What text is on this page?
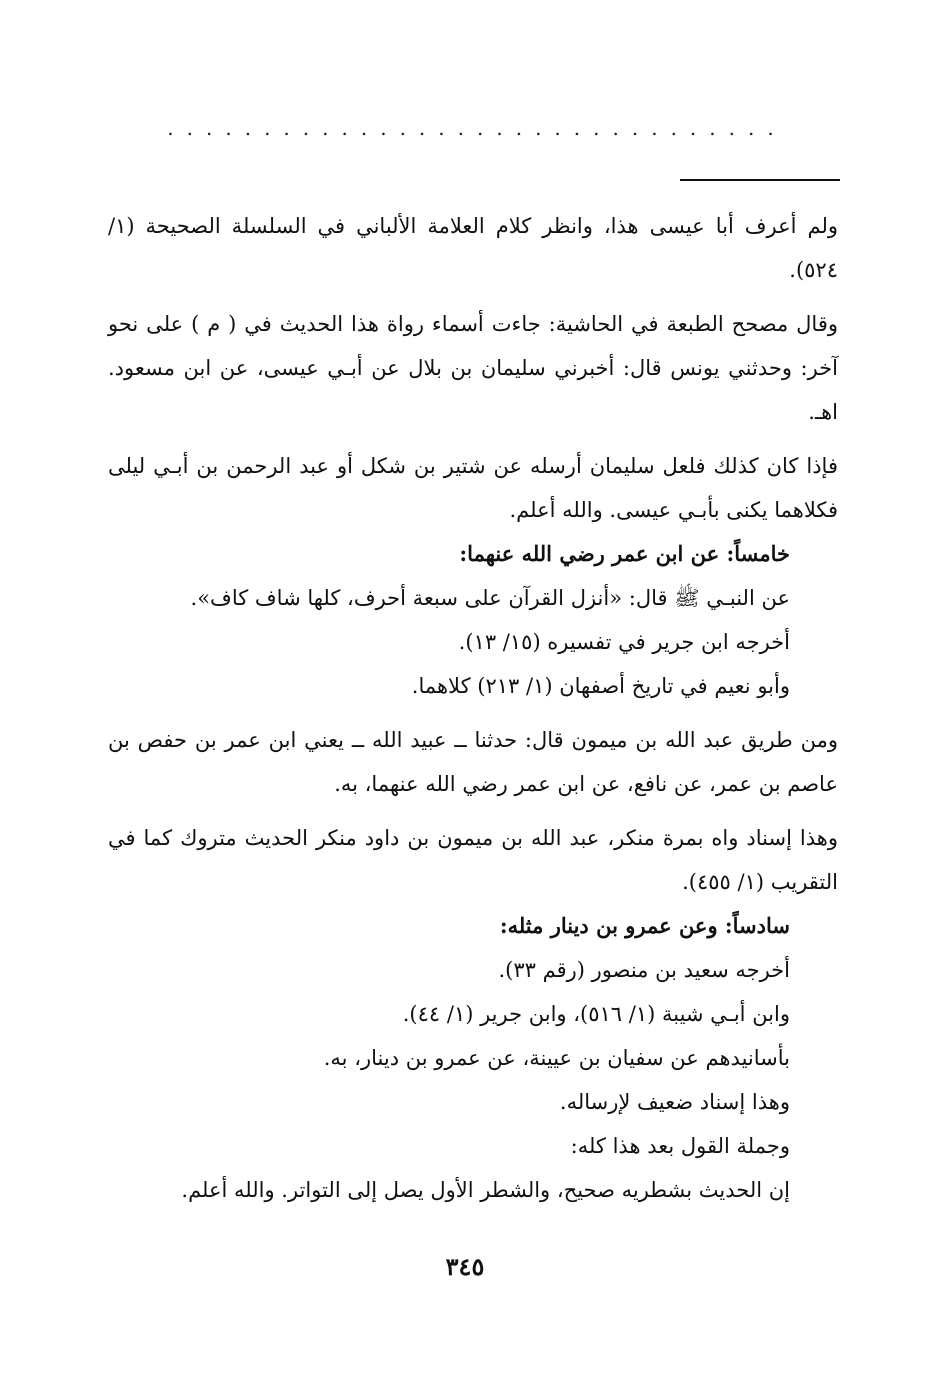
................................

ولم أعرف أبا عيسى هذا، وانظر كلام العلامة الألباني في السلسلة الصحيحة (١/ ٥٢٤).

وقال مصحح الطبعة في الحاشية: جاءت أسماء رواة هذا الحديث في ( م ) على نحو آخر: وحدثني يونس قال: أخبرني سليمان بن بلال عن أبـي عيسى، عن ابن مسعود. اهـ.

فإذا كان كذلك فلعل سليمان أرسله عن شتير بن شكل أو عبد الرحمن بن أبـي ليلى فكلاهما يكنى بأبـي عيسى. والله أعلم.

خامساً: عن ابن عمر رضي الله عنهما:

عن النبـي ﷺ قال: «أنزل القرآن على سبعة أحرف، كلها شاف كاف».

أخرجه ابن جرير في تفسيره (١٥/ ١٣).

وأبو نعيم في تاريخ أصفهان (١/ ٢١٣) كلاهما.

ومن طريق عبد الله بن ميمون قال: حدثنا ــ عبيد الله ــ يعني ابن عمر بن حفص بن عاصم بن عمر، عن نافع، عن ابن عمر رضي الله عنهما، به.

وهذا إسناد واه بمرة منكر، عبد الله بن ميمون بن داود منكر الحديث متروك كما في التقريب (١/ ٤٥٥).

سادساً: وعن عمرو بن دينار مثله:

أخرجه سعيد بن منصور (رقم ٣٣).

وابن أبـي شيبة (١/ ٥١٦)، وابن جرير (١/ ٤٤).

بأسانيدهم عن سفيان بن عيينة، عن عمرو بن دينار، به.

وهذا إسناد ضعيف لإرساله.

وجملة القول بعد هذا كله:

إن الحديث بشطريه صحيح، والشطر الأول يصل إلى التواتر. والله أعلم.

٣٤٥
